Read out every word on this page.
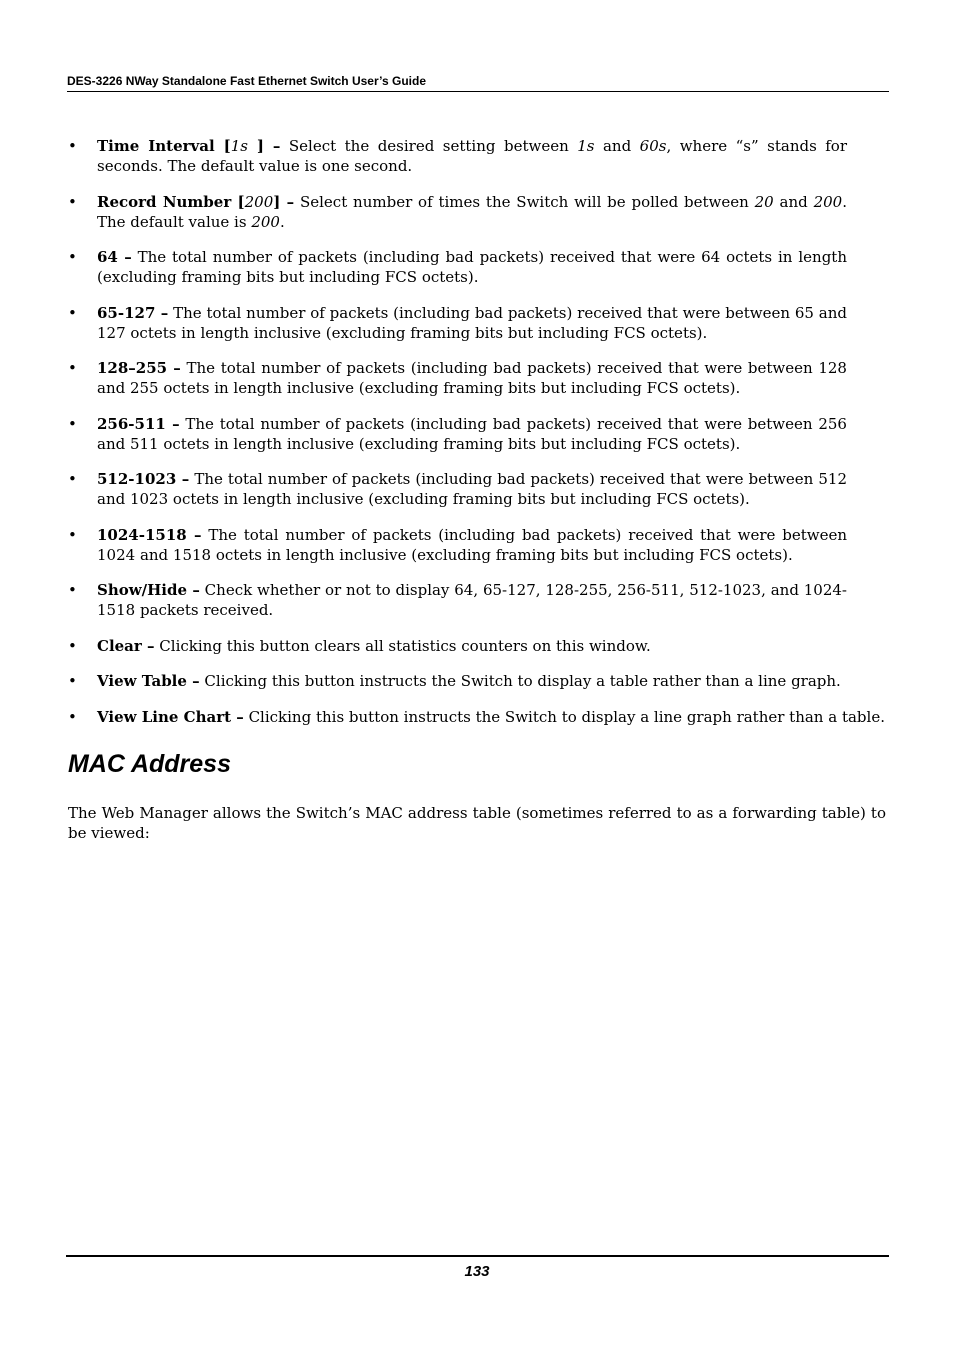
DES-3226 NWay Standalone Fast Ethernet Switch User’s Guide
• Time Interval [1s ] – Select the desired setting between 1s and 60s, where “s” stands for seconds. The default value is one second.
• Record Number [200] – Select number of times the Switch will be polled between 20 and 200. The default value is 200.
• 64 – The total number of packets (including bad packets) received that were 64 octets in length (excluding framing bits but including FCS octets).
• 65-127 – The total number of packets (including bad packets) received that were between 65 and 127 octets in length inclusive (excluding framing bits but including FCS octets).
• 128–255 – The total number of packets (including bad packets) received that were between 128 and 255 octets in length inclusive (excluding framing bits but including FCS octets).
• 256-511 – The total number of packets (including bad packets) received that were between 256 and 511 octets in length inclusive (excluding framing bits but including FCS octets).
• 512-1023 – The total number of packets (including bad packets) received that were between 512 and 1023 octets in length inclusive (excluding framing bits but including FCS octets).
• 1024-1518 – The total number of packets (including bad packets) received that were between 1024 and 1518 octets in length inclusive (excluding framing bits but including FCS octets).
• Show/Hide – Check whether or not to display 64, 65-127, 128-255, 256-511, 512-1023, and 1024-1518 packets received.
• Clear – Clicking this button clears all statistics counters on this window.
• View Table – Clicking this button instructs the Switch to display a table rather than a line graph.
• View Line Chart – Clicking this button instructs the Switch to display a line graph rather than a table.
MAC Address

The Web Manager allows the Switch’s MAC address table (sometimes referred to as a forwarding table) to be viewed:

133
